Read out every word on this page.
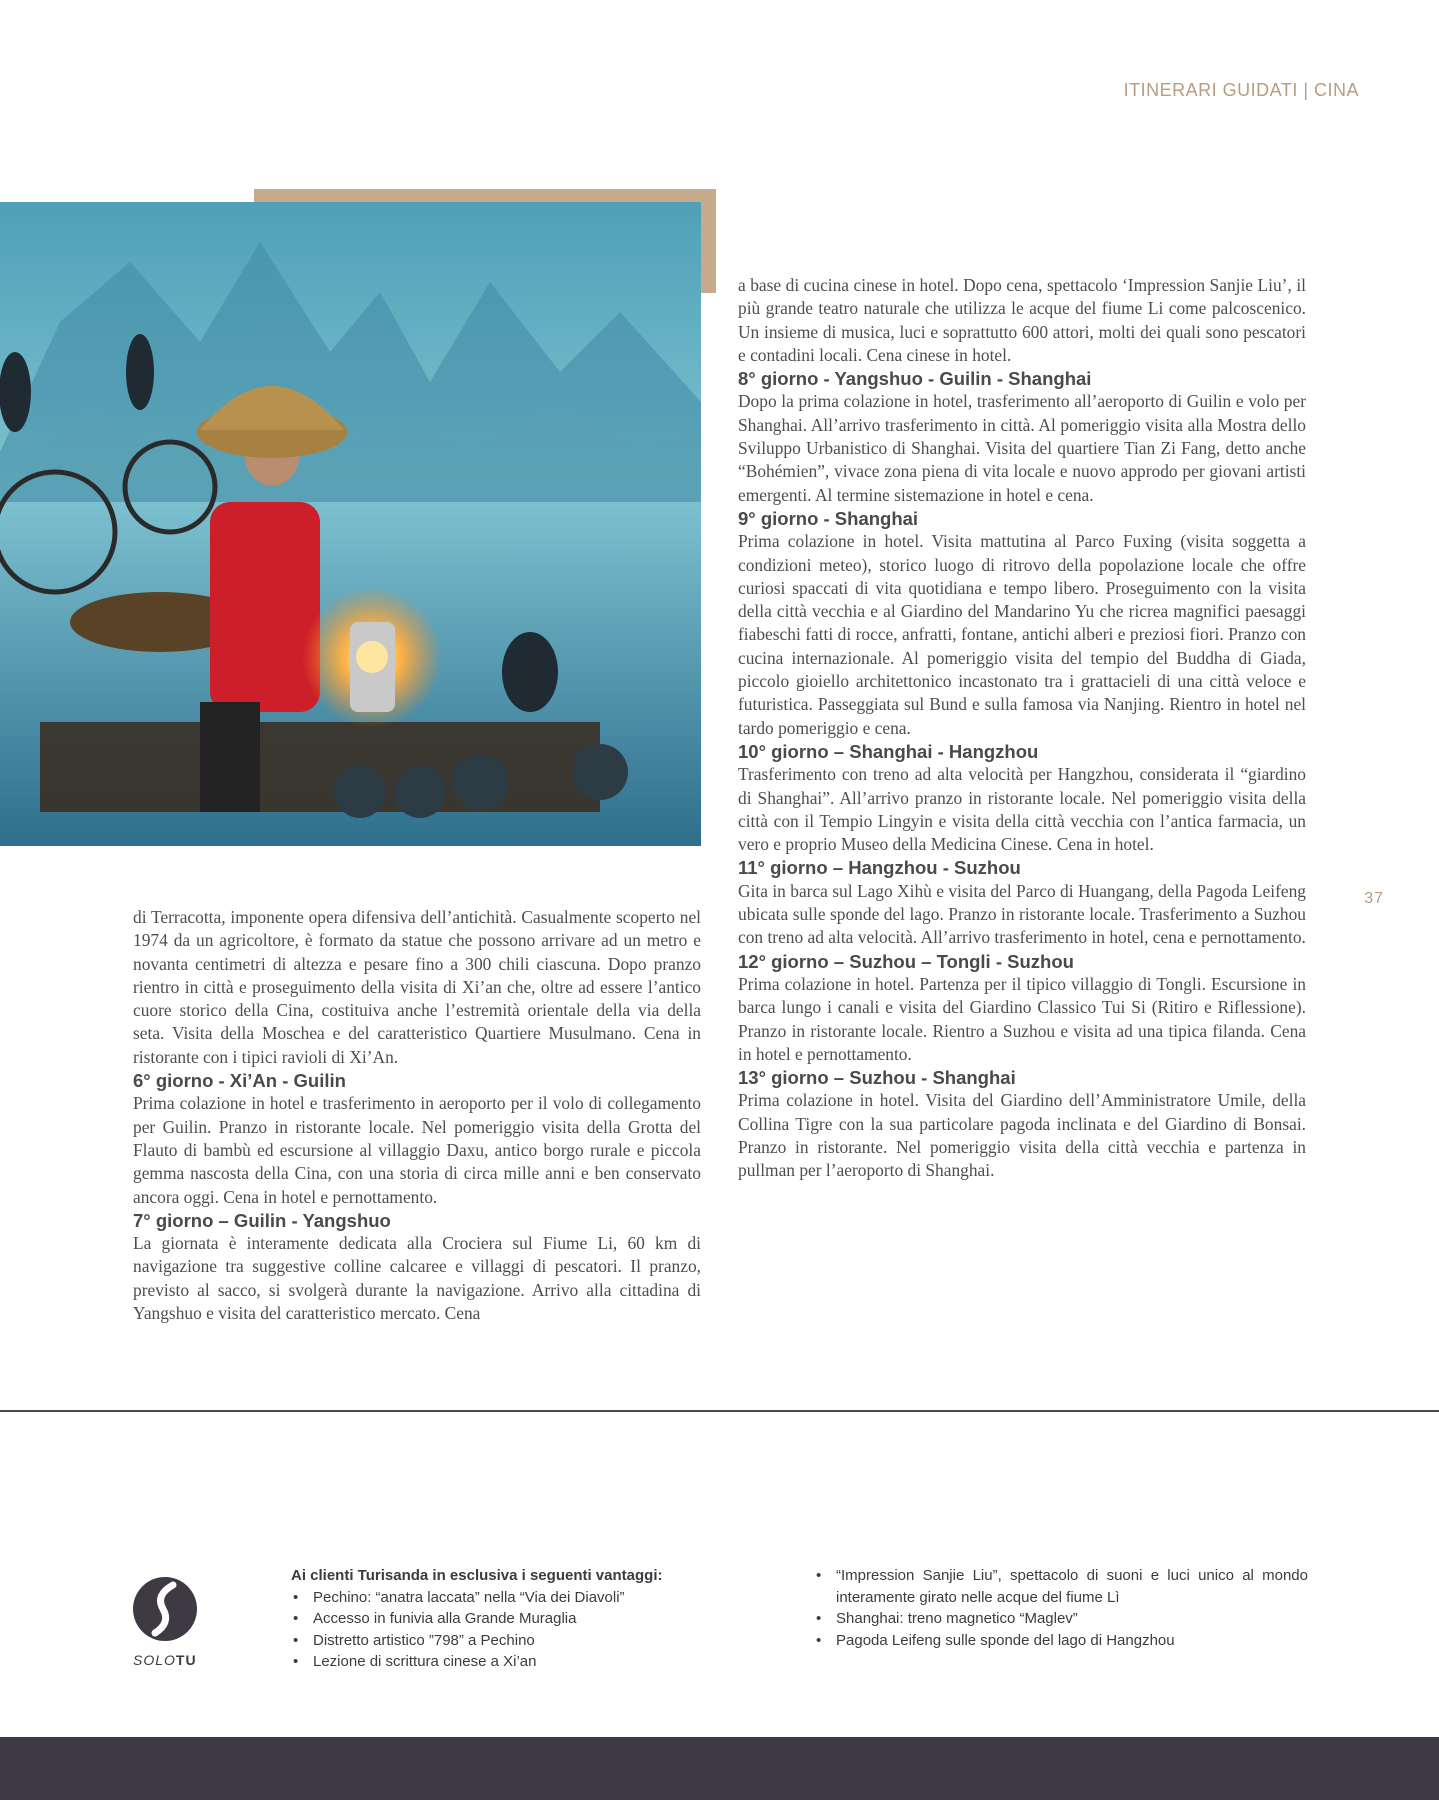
ITINERARI GUIDATI | CINA
37

di Terracotta, imponente opera difensiva dell’antichità. Casualmente scoperto nel 1974 da un agricoltore, è formato da statue che possono arrivare ad un metro e novanta centimetri di altezza e pesare fino a 300 chili ciascuna. Dopo pranzo rientro in città e proseguimento della visita di Xi’an che, oltre ad essere l’antico cuore storico della Cina, costituiva anche l’estremità orientale della via della seta. Visita della Moschea e del caratteristico Quartiere Musulmano. Cena in ristorante con i tipici ravioli di Xi’An.

6° giorno - Xi’An - Guilin

Prima colazione in hotel e trasferimento in aeroporto per il volo di collegamento per Guilin. Pranzo in ristorante locale. Nel pomeriggio visita della Grotta del Flauto di bambù ed escursione al villaggio Daxu, antico borgo rurale e piccola gemma nascosta della Cina, con una storia di circa mille anni e ben conservato ancora oggi. Cena in hotel e pernottamento.

7° giorno – Guilin - Yangshuo

La giornata è interamente dedicata alla Crociera sul Fiume Li, 60 km di navigazione tra suggestive colline calcaree e villaggi di pescatori. Il pranzo, previsto al sacco, si svolgerà durante la navigazione. Arrivo alla cittadina di Yangshuo e visita del caratteristico mercato. Cena

a base di cucina cinese in hotel. Dopo cena, spettacolo ‘Impression Sanjie Liu’, il più grande teatro naturale che utilizza le acque del fiume Li come palcoscenico. Un insieme di musica, luci e soprattutto 600 attori, molti dei quali sono pescatori e contadini locali. Cena cinese in hotel.

8° giorno - Yangshuo - Guilin - Shanghai

Dopo la prima colazione in hotel, trasferimento all’aeroporto di Guilin e volo per Shanghai. All’arrivo trasferimento in città. Al pomeriggio visita alla Mostra dello Sviluppo Urbanistico di Shanghai. Visita del quartiere Tian Zi Fang, detto anche “Bohémien”, vivace zona piena di vita locale e nuovo approdo per giovani artisti emergenti. Al termine sistemazione in hotel e cena.

9° giorno - Shanghai

Prima colazione in hotel. Visita mattutina al Parco Fuxing (visita soggetta a condizioni meteo), storico luogo di ritrovo della popolazione locale che offre curiosi spaccati di vita quotidiana e tempo libero. Proseguimento con la visita della città vecchia e al Giardino del Mandarino Yu che ricrea magnifici paesaggi fiabeschi fatti di rocce, anfratti, fontane, antichi alberi e preziosi fiori. Pranzo con cucina internazionale. Al pomeriggio visita del tempio del Buddha di Giada, piccolo gioiello architettonico incastonato tra i grattacieli di una città veloce e futuristica. Passeggiata sul Bund e sulla famosa via Nanjing. Rientro in hotel nel tardo pomeriggio e cena.

10° giorno – Shanghai - Hangzhou

Trasferimento con treno ad alta velocità per Hangzhou, considerata il “giardino di Shanghai”. All’arrivo pranzo in ristorante locale. Nel pomeriggio visita della città con il Tempio Lingyin e visita della città vecchia con l’antica farmacia, un vero e proprio Museo della Medicina Cinese. Cena in hotel.

11° giorno – Hangzhou - Suzhou

Gita in barca sul Lago Xihù e visita del Parco di Huangang, della Pagoda Leifeng ubicata sulle sponde del lago. Pranzo in ristorante locale. Trasferimento a Suzhou con treno ad alta velocità. All’arrivo trasferimento in hotel, cena e pernottamento.

12° giorno – Suzhou – Tongli - Suzhou

Prima colazione in hotel. Partenza per il tipico villaggio di Tongli. Escursione in barca lungo i canali e visita del Giardino Classico Tui Si (Ritiro e Riflessione). Pranzo in ristorante locale. Rientro a Suzhou e visita ad una tipica filanda. Cena in hotel e pernottamento.

13° giorno – Suzhou - Shanghai

Prima colazione in hotel. Visita del Giardino dell’Amministratore Umile, della Collina Tigre con la sua particolare pagoda inclinata e del Giardino di Bonsai. Pranzo in ristorante. Nel pomeriggio visita della città vecchia e partenza in pullman per l’aeroporto di Shanghai.

SOLOTU
Ai clienti Turisanda in esclusiva i seguenti vantaggi:
• Pechino: “anatra laccata” nella “Via dei Diavoli”
• Accesso in funivia alla Grande Muraglia
• Distretto artistico ”798” a Pechino
• Lezione di scrittura cinese a Xi’an
• “Impression Sanjie Liu”, spettacolo di suoni e luci unico al mondo interamente girato nelle acque del fiume Lì
• Shanghai: treno magnetico “Maglev”
• Pagoda Leifeng sulle sponde del lago di Hangzhou
